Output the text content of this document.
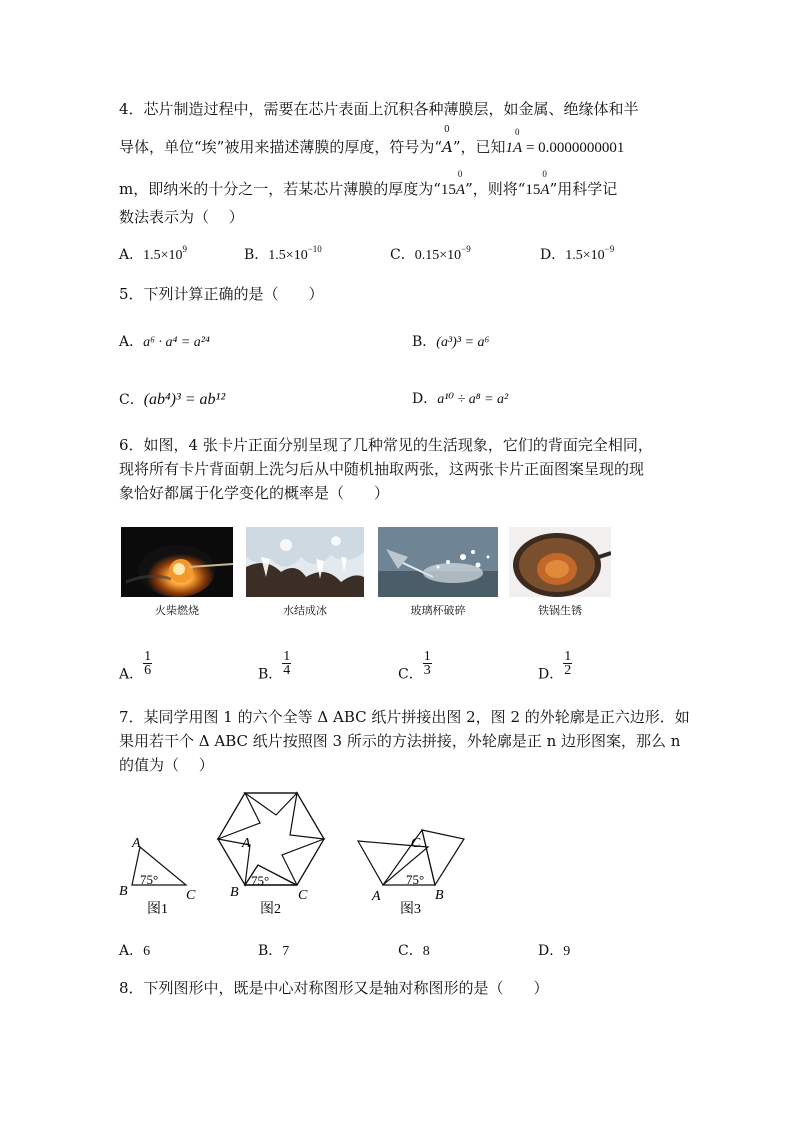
4．芯片制造过程中，需要在芯片表面上沉积各种薄膜层，如金属、绝缘体和半
导体，单位“埃”被用来描述薄膜的厚度，符号为“
0
A”，已知1
0
A = 0.0000000001
m，即纳米的十分之一，若某芯片薄膜的厚度为“15
0
A”，则将“15
0
A”用科学记
数法表示为（　 ）
A．$1.5\times 10^9$	B．$1.5\times 10^{-10}$	C．$0.15\times 10^{-9}$	D．$1.5\times 10^{-9}$
5．下列计算正确的是（　　）
A．a⁶ · a⁴ = a²⁴	B．(a³)³ = a⁶
C．(ab⁴)³ = ab¹²	D．a¹⁰ ÷ a⁸ = a²
6．如图，4 张卡片正面分别呈现了几种常见的生活现象，它们的背面完全相同，
现将所有卡片背面朝上洗匀后从中随机抽取两张，这两张卡片正面图案呈现的现
象恰好都属于化学变化的概率是（　　）
火柴燃烧	水结成冰	玻璃杯破碎	铁锅生锈
A． $\frac{1}{6}$	B． $\frac{1}{4}$	C． $\frac{1}{3}$	D． $\frac{1}{2}$
7．某同学用图 1 的六个全等 Δ ABC 纸片拼接出图 2，图 2 的外轮廓是正六边形．如
果用若干个 Δ ABC 纸片按照图 3 所示的方法拼接，外轮廓是正 n 边形图案，那么 n
的值为（　 ）
A
B	C
75°
图1
A
B	C
75°
图2
C
A	B
75°
图3
A．6	B．7	C．8	D．9
8．下列图形中，既是中心对称图形又是轴对称图形的是（　　）
